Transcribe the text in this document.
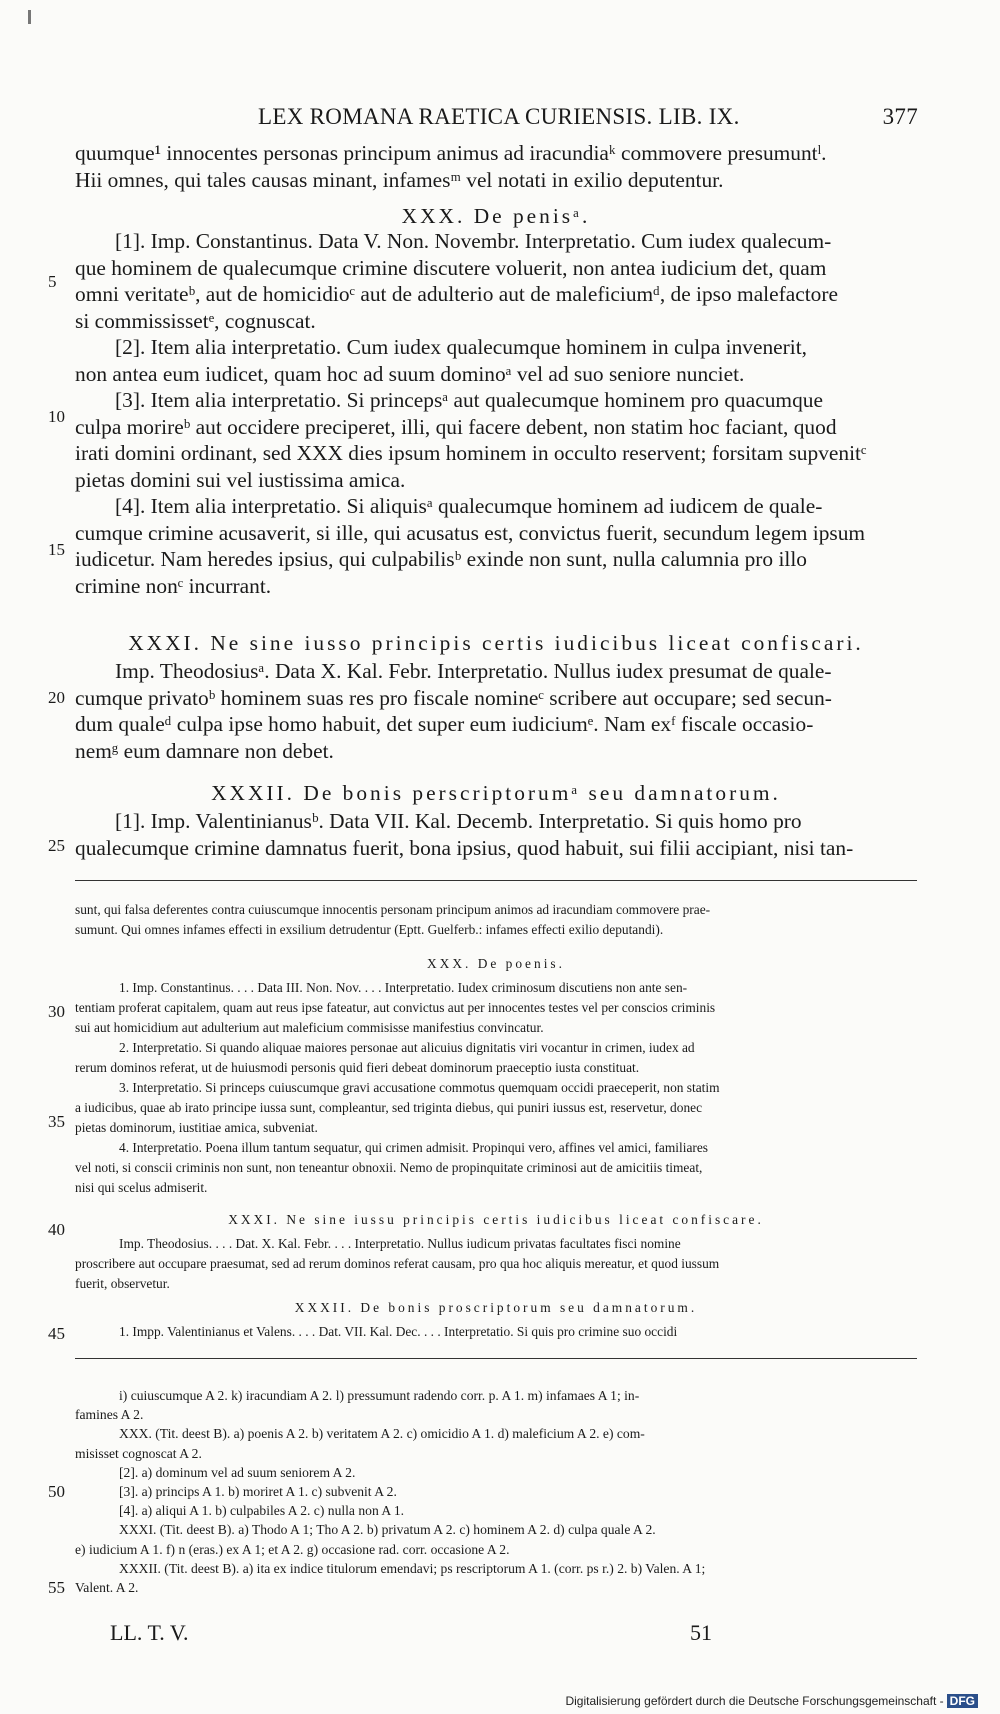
LEX ROMANA RAETICA CURIENSIS. LIB. IX.	377

quumque¹ innocentes personas principum animus ad iracundiaᵏ commovere presumuntˡ.

Hii omnes, qui tales causas minant, infamesᵐ vel notati in exilio deputentur.

XXX. De penisᵃ.

[1]. Imp. Constantinus. Data V. Non. Novembr. Interpretatio. Cum iudex qualecum-

que hominem de qualecumque crimine discutere voluerit, non antea iudicium det, quam

omni veritateᵇ, aut de homicidioᶜ aut de adulterio aut de maleficiumᵈ, de ipso malefactore

si commississetᵉ, cognuscat.

[2]. Item alia interpretatio. Cum iudex qualecumque hominem in culpa invenerit,

non antea eum iudicet, quam hoc ad suum dominoᵃ vel ad suo seniore nunciet.

[3]. Item alia interpretatio. Si princepsᵃ aut qualecumque hominem pro quacumque

culpa morireᵇ aut occidere preciperet, illi, qui facere debent, non statim hoc faciant, quod

irati domini ordinant, sed XXX dies ipsum hominem in occulto reservent; forsitam supvenitᶜ

pietas domini sui vel iustissima amica.

[4]. Item alia interpretatio. Si aliquisᵃ qualecumque hominem ad iudicem de quale-

cumque crimine acusaverit, si ille, qui acusatus est, convictus fuerit, secundum legem ipsum

iudicetur. Nam heredes ipsius, qui culpabilisᵇ exinde non sunt, nulla calumnia pro illo

crimine nonᶜ incurrant.

XXXI. Ne sine iusso principis certis iudicibus liceat confiscari.

Imp. Theodosiusᵃ. Data X. Kal. Febr. Interpretatio. Nullus iudex presumat de quale-

cumque privatoᵇ hominem suas res pro fiscale nomineᶜ scribere aut occupare; sed secun-

dum qualeᵈ culpa ipse homo habuit, det super eum iudiciumᵉ. Nam exᶠ fiscale occasio-

nemᵍ eum damnare non debet.

XXXII. De bonis perscriptorumᵃ seu damnatorum.

[1]. Imp. Valentinianusᵇ. Data VII. Kal. Decemb. Interpretatio. Si quis homo pro

qualecumque crimine damnatus fuerit, bona ipsius, quod habuit, sui filii accipiant, nisi tan-

5
10
15
20
25

sunt, qui falsa deferentes contra cuiuscumque innocentis personam principum animos ad iracundiam commovere prae-

sumunt. Qui omnes infames effecti in exsilium detrudentur (Eptt. Guelferb.: infames effecti exilio deputandi).

XXX. De poenis.

1. Imp. Constantinus. . . . Data III. Non. Nov. . . . Interpretatio. Iudex criminosum discutiens non ante sen-

tentiam proferat capitalem, quam aut reus ipse fateatur, aut convictus aut per innocentes testes vel per conscios criminis

sui aut homicidium aut adulterium aut maleficium commisisse manifestius convincatur.

2. Interpretatio. Si quando aliquae maiores personae aut alicuius dignitatis viri vocantur in crimen, iudex ad

rerum dominos referat, ut de huiusmodi personis quid fieri debeat dominorum praeceptio iusta constituat.

3. Interpretatio. Si princeps cuiuscumque gravi accusatione commotus quemquam occidi praeceperit, non statim

a iudicibus, quae ab irato principe iussa sunt, compleantur, sed triginta diebus, qui puniri iussus est, reservetur, donec

pietas dominorum, iustitiae amica, subveniat.

4. Interpretatio. Poena illum tantum sequatur, qui crimen admisit. Propinqui vero, affines vel amici, familiares

vel noti, si conscii criminis non sunt, non teneantur obnoxii. Nemo de propinquitate criminosi aut de amicitiis timeat,

nisi qui scelus admiserit.

XXXI. Ne sine iussu principis certis iudicibus liceat confiscare.

Imp. Theodosius. . . . Dat. X. Kal. Febr. . . . Interpretatio. Nullus iudicum privatas facultates fisci nomine

proscribere aut occupare praesumat, sed ad rerum dominos referat causam, pro qua hoc aliquis mereatur, et quod iussum

fuerit, observetur.

XXXII. De bonis proscriptorum seu damnatorum.

1. Impp. Valentinianus et Valens. . . . Dat. VII. Kal. Dec. . . . Interpretatio. Si quis pro crimine suo occidi

30
35
40
45
i) cuiuscumque A 2. k) iracundiam A 2. l) pressumunt radendo corr. p. A 1. m) infamaes A 1; in-
famines A 2.
XXX. (Tit. deest B). a) poenis A 2. b) veritatem A 2. c) omicidio A 1. d) maleficium A 2. e) com-
misisset cognoscat A 2.
[2]. a) dominum vel ad suum seniorem A 2.
[3]. a) princips A 1. b) moriret A 1. c) subvenit A 2.
[4]. a) aliqui A 1. b) culpabiles A 2. c) nulla non A 1.
XXXI. (Tit. deest B). a) Thodo A 1; Tho A 2. b) privatum A 2. c) hominem A 2. d) culpa quale A 2.
e) iudicium A 1. f) n (eras.) ex A 1; et A 2. g) occasione rad. corr. occasione A 2.
XXXII. (Tit. deest B). a) ita ex indice titulorum emendavi; ps rescriptorum A 1. (corr. ps r.) 2. b) Valen. A 1;
Valent. A 2.
50
55
LL. T. V.	51
Digitalisierung gefördert durch die Deutsche Forschungsgemeinschaft - DFG
